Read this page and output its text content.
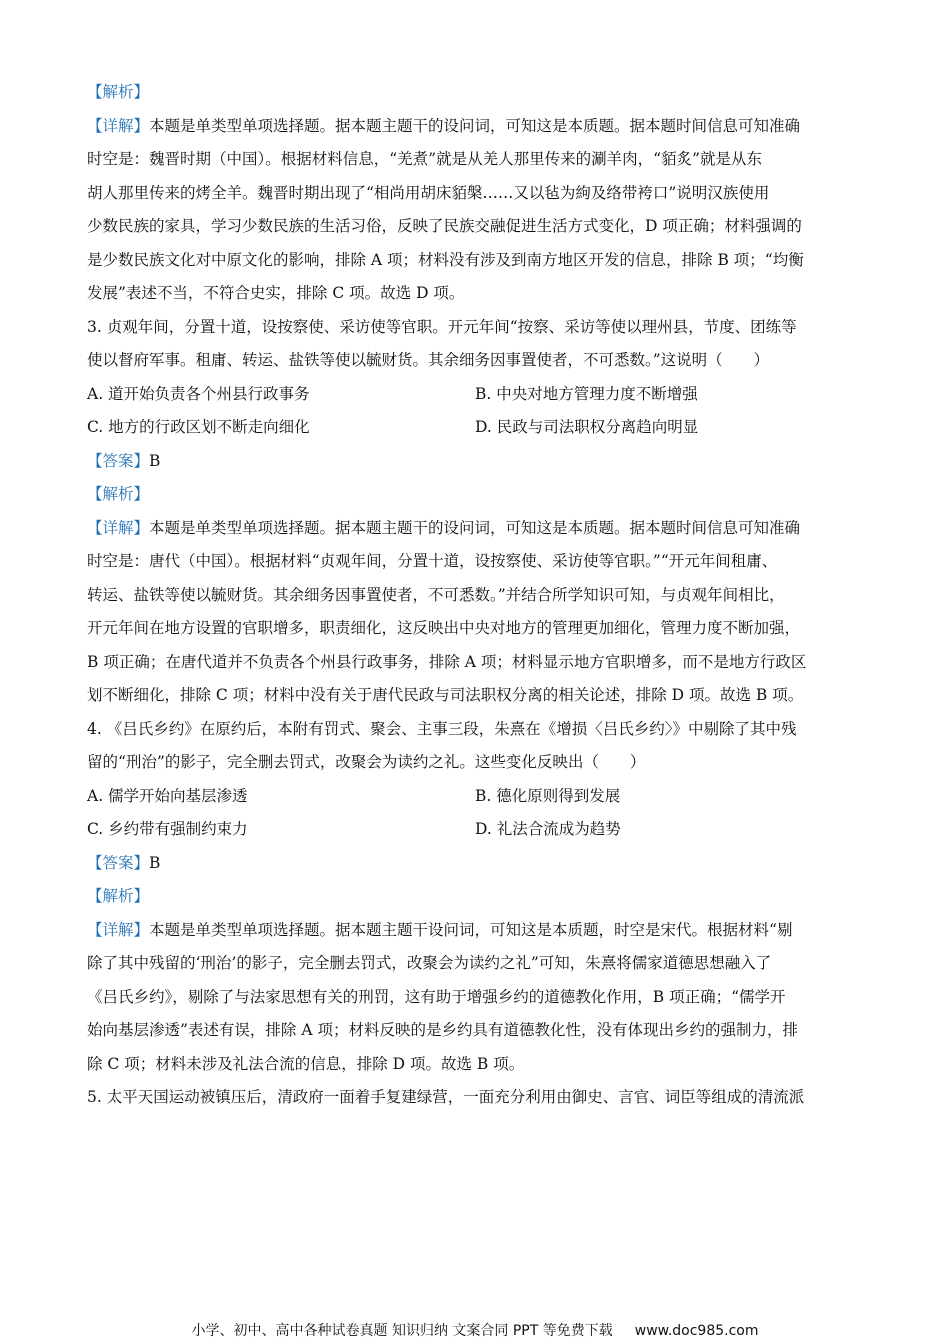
【解析】
【详解】本题是单类型单项选择题。据本题主题干的设问词，可知这是本质题。据本题时间信息可知准确
时空是：魏晋时期（中国）。根据材料信息，“羌煮”就是从羌人那里传来的涮羊肉，“貊炙”就是从东
胡人那里传来的烤全羊。魏晋时期出现了“相尚用胡床貊槃……又以毡为絇及络带袴口”说明汉族使用
少数民族的家具，学习少数民族的生活习俗，反映了民族交融促进生活方式变化，D 项正确；材料强调的
是少数民族文化对中原文化的影响，排除 A 项；材料没有涉及到南方地区开发的信息，排除 B 项；“均衡
发展”表述不当，不符合史实，排除 C 项。故选 D 项。
3. 贞观年间，分置十道，设按察使、采访使等官职。开元年间“按察、采访等使以理州县，节度、团练等
使以督府军事。租庸、转运、盐铁等使以毓财货。其余细务因事置使者，不可悉数。”这说明（　　）
A. 道开始负责各个州县行政事务	B. 中央对地方管理力度不断增强
C. 地方的行政区划不断走向细化	D. 民政与司法职权分离趋向明显
【答案】B
【解析】
【详解】本题是单类型单项选择题。据本题主题干的设问词，可知这是本质题。据本题时间信息可知准确
时空是：唐代（中国）。根据材料“贞观年间，分置十道，设按察使、采访使等官职。”“开元年间租庸、
转运、盐铁等使以毓财货。其余细务因事置使者，不可悉数。”并结合所学知识可知，与贞观年间相比，
开元年间在地方设置的官职增多，职责细化，这反映出中央对地方的管理更加细化，管理力度不断加强，
B 项正确；在唐代道并不负责各个州县行政事务，排除 A 项；材料显示地方官职增多，而不是地方行政区
划不断细化，排除 C 项；材料中没有关于唐代民政与司法职权分离的相关论述，排除 D 项。故选 B 项。
4. 《吕氏乡约》在原约后，本附有罚式、聚会、主事三段，朱熹在《增损〈吕氏乡约〉》中剔除了其中残
留的“刑治”的影子，完全删去罚式，改聚会为读约之礼。这些变化反映出（　　）
A. 儒学开始向基层渗透	B. 德化原则得到发展
C. 乡约带有强制约束力	D. 礼法合流成为趋势
【答案】B
【解析】
【详解】本题是单类型单项选择题。据本题主题干设问词，可知这是本质题，时空是宋代。根据材料“剔
除了其中残留的‘刑治’的影子，完全删去罚式，改聚会为读约之礼”可知，朱熹将儒家道德思想融入了
《吕氏乡约》，剔除了与法家思想有关的刑罚，这有助于增强乡约的道德教化作用，B 项正确；“儒学开
始向基层渗透”表述有误，排除 A 项；材料反映的是乡约具有道德教化性，没有体现出乡约的强制力，排
除 C 项；材料未涉及礼法合流的信息，排除 D 项。故选 B 项。
5. 太平天国运动被镇压后，清政府一面着手复建绿营，一面充分利用由御史、言官、词臣等组成的清流派
小学、初中、高中各种试卷真题 知识归纳 文案合同 PPT 等免费下载 www.doc985.com
